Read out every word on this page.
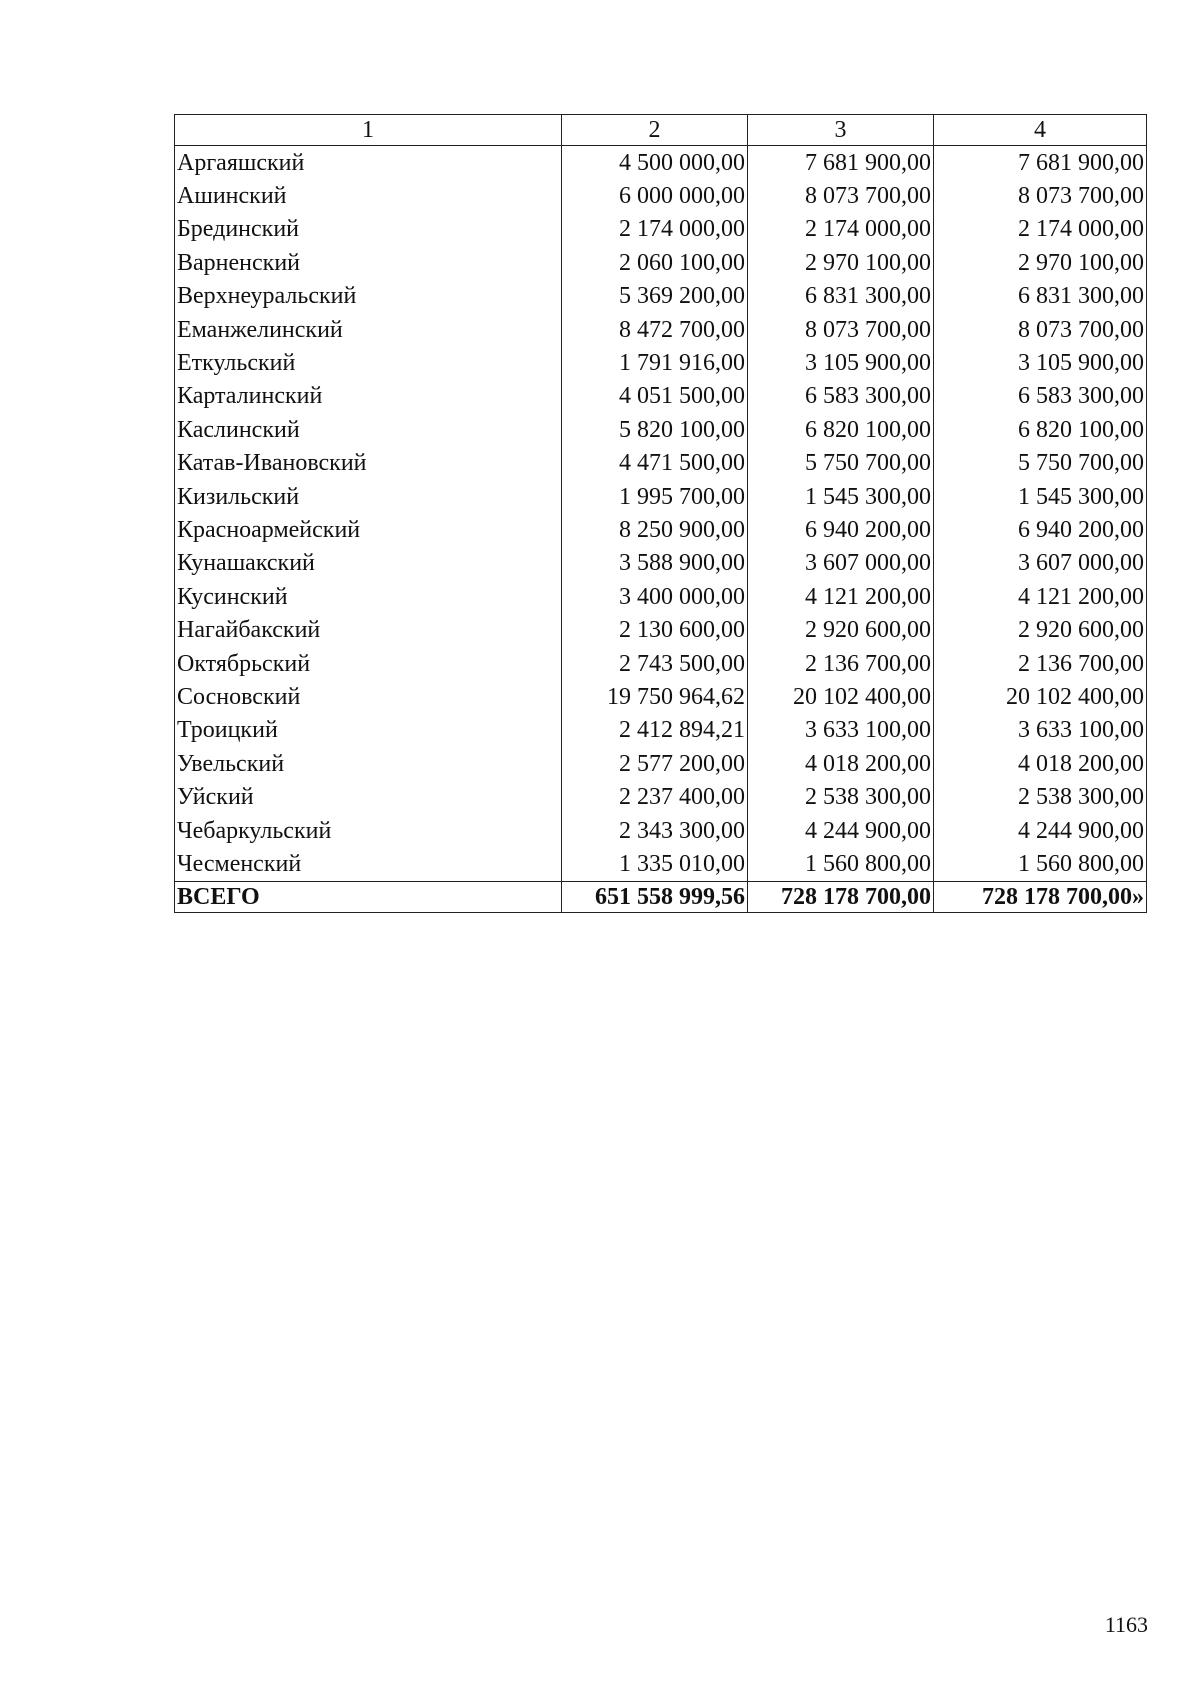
1	2	3	4
Аргаяшский	4 500 000,00	7 681 900,00	7 681 900,00
Ашинский	6 000 000,00	8 073 700,00	8 073 700,00
Брединский	2 174 000,00	2 174 000,00	2 174 000,00
Варненский	2 060 100,00	2 970 100,00	2 970 100,00
Верхнеуральский	5 369 200,00	6 831 300,00	6 831 300,00
Еманжелинский	8 472 700,00	8 073 700,00	8 073 700,00
Еткульский	1 791 916,00	3 105 900,00	3 105 900,00
Карталинский	4 051 500,00	6 583 300,00	6 583 300,00
Каслинский	5 820 100,00	6 820 100,00	6 820 100,00
Катав-Ивановский	4 471 500,00	5 750 700,00	5 750 700,00
Кизильский	1 995 700,00	1 545 300,00	1 545 300,00
Красноармейский	8 250 900,00	6 940 200,00	6 940 200,00
Кунашакский	3 588 900,00	3 607 000,00	3 607 000,00
Кусинский	3 400 000,00	4 121 200,00	4 121 200,00
Нагайбакский	2 130 600,00	2 920 600,00	2 920 600,00
Октябрьский	2 743 500,00	2 136 700,00	2 136 700,00
Сосновский	19 750 964,62	20 102 400,00	20 102 400,00
Троицкий	2 412 894,21	3 633 100,00	3 633 100,00
Увельский	2 577 200,00	4 018 200,00	4 018 200,00
Уйский	2 237 400,00	2 538 300,00	2 538 300,00
Чебаркульский	2 343 300,00	4 244 900,00	4 244 900,00
Чесменский	1 335 010,00	1 560 800,00	1 560 800,00
ВСЕГО	651 558 999,56	728 178 700,00	728 178 700,00»
1163
